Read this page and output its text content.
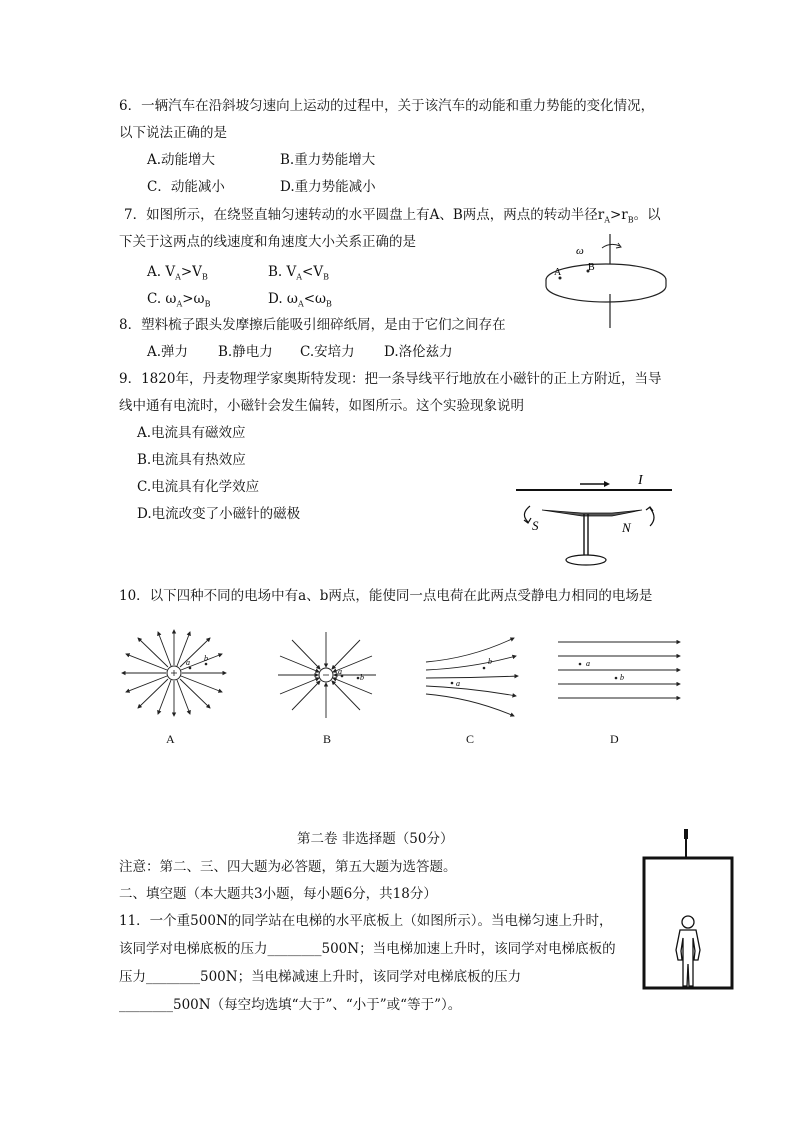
6．一辆汽车在沿斜坡匀速向上运动的过程中，关于该汽车的动能和重力势能的变化情况，
以下说法正确的是
A.动能增大	B.重力势能增大
C．动能减小	D.重力势能减小
7．如图所示，在绕竖直轴匀速转动的水平圆盘上有A、B两点，两点的转动半径$r_A>r_B$。以
下关于这两点的线速度和角速度大小关系正确的是
A. $V_A>V_B$	B. $V_A<V_B$
C. $\omega_A>\omega_B$	D. $\omega_A<\omega_B$
ω
A	B
8．塑料梳子跟头发摩擦后能吸引细碎纸屑，是由于它们之间存在
A.弹力 B.静电力 C.安培力 D.洛伦兹力
9．1820年，丹麦物理学家奥斯特发现：把一条导线平行地放在小磁针的正上方附近，当导
线中通有电流时，小磁针会发生偏转，如图所示。这个实验现象说明
A.电流具有磁效应
B.电流具有热效应
C.电流具有化学效应
D.电流改变了小磁针的磁极
I
S	N
10．以下四种不同的电场中有a、b两点，能使同一点电荷在此两点受静电力相同的电场是
a b
A
a
b
B
a
b
C
a
b
D
第二卷 非选择题（50分）
注意：第二、三、四大题为必答题，第五大题为选答题。
二、填空题（本大题共3小题，每小题6分，共18分）
11．一个重500N的同学站在电梯的水平底板上（如图所示）。当电梯匀速上升时，
该同学对电梯底板的压力________500N；当电梯加速上升时，该同学对电梯底板的
压力________500N；当电梯减速上升时，该同学对电梯底板的压力
________500N（每空均选填“大于”、“小于”或“等于”）。
